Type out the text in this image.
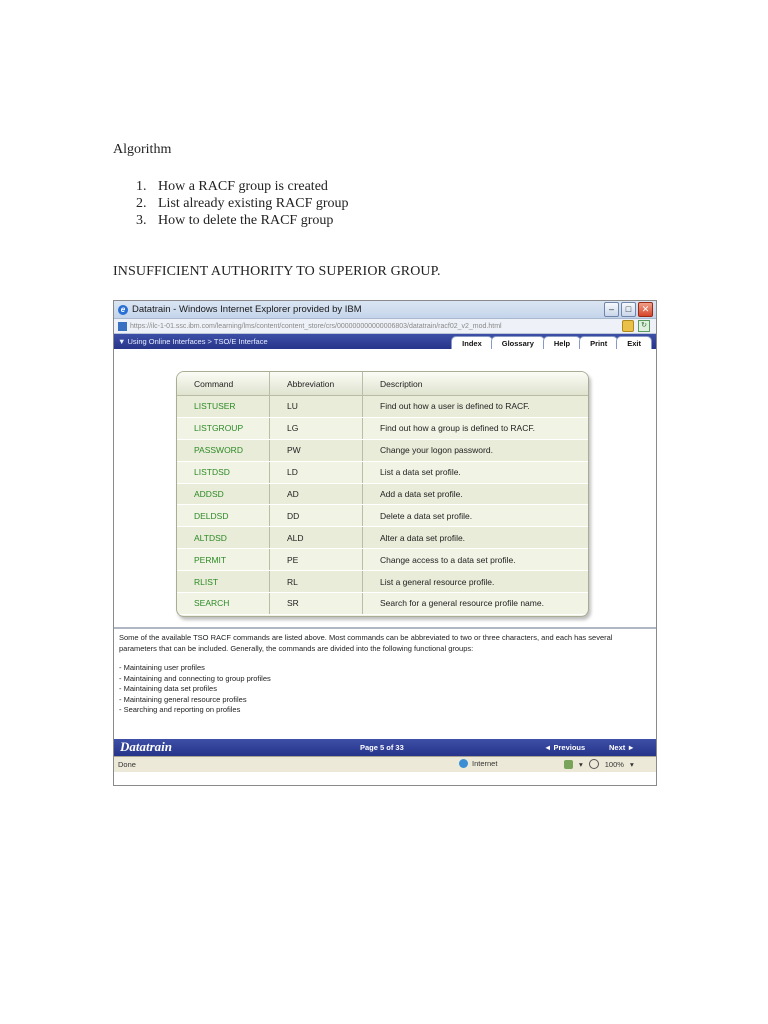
Algorithm
1. How a RACF group is created
2. List already existing RACF group
3. How to delete the RACF group
INSUFFICIENT AUTHORITY TO SUPERIOR GROUP.
e Datatrain - Windows Internet Explorer provided by IBM	–	□	✕
https://ilc-1-01.ssc.ibm.com/learning/lms/content/content_store/crs/000000000000006803/datatrain/racf02_v2_mod.html	↻
▼ Using Online Interfaces > TSO/E Interface	Index	Glossary	Help	Print	Exit
Command	Abbreviation	Description
LISTUSER	LU	Find out how a user is defined to RACF.
LISTGROUP	LG	Find out how a group is defined to RACF.
PASSWORD	PW	Change your logon password.
LISTDSD	LD	List a data set profile.
ADDSD	AD	Add a data set profile.
DELDSD	DD	Delete a data set profile.
ALTDSD	ALD	Alter a data set profile.
PERMIT	PE	Change access to a data set profile.
RLIST	RL	List a general resource profile.
SEARCH	SR	Search for a general resource profile name.

Some of the available TSO RACF commands are listed above. Most commands can be abbreviated to two or three characters, and each has several parameters that can be included. Generally, the commands are divided into the following functional groups:

- Maintaining user profiles
- Maintaining and connecting to group profiles
- Maintaining data set profiles
- Maintaining general resource profiles
- Searching and reporting on profiles
Datatrain	Page 5 of 33	◄ Previous	Next ►
Done	Internet	▾	100% ▾
